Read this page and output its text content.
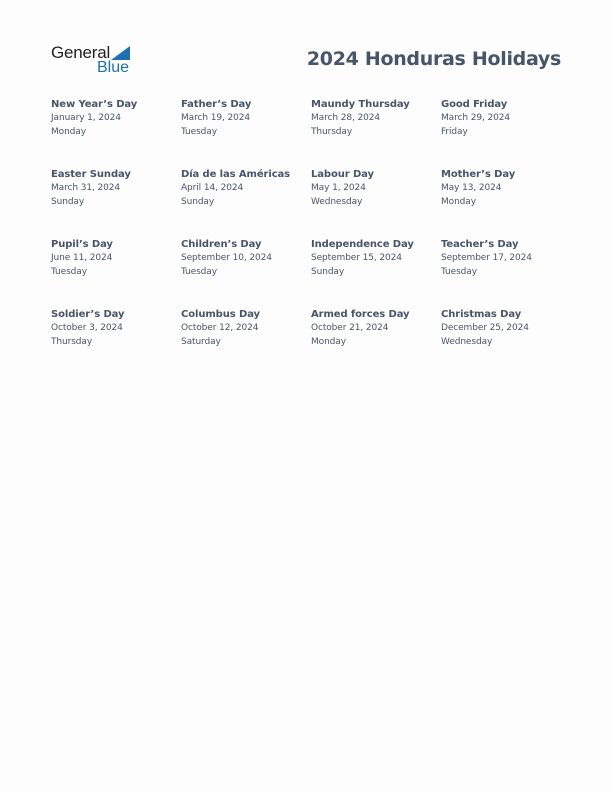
General
Blue	2024 Honduras Holidays
New Year’s Day
January 1, 2024
Monday
Father’s Day
March 19, 2024
Tuesday
Maundy Thursday
March 28, 2024
Thursday
Good Friday
March 29, 2024
Friday
Easter Sunday
March 31, 2024
Sunday
Día de las Américas
April 14, 2024
Sunday
Labour Day
May 1, 2024
Wednesday
Mother’s Day
May 13, 2024
Monday
Pupil’s Day
June 11, 2024
Tuesday
Children’s Day
September 10, 2024
Tuesday
Independence Day
September 15, 2024
Sunday
Teacher’s Day
September 17, 2024
Tuesday
Soldier’s Day
October 3, 2024
Thursday
Columbus Day
October 12, 2024
Saturday
Armed forces Day
October 21, 2024
Monday
Christmas Day
December 25, 2024
Wednesday
